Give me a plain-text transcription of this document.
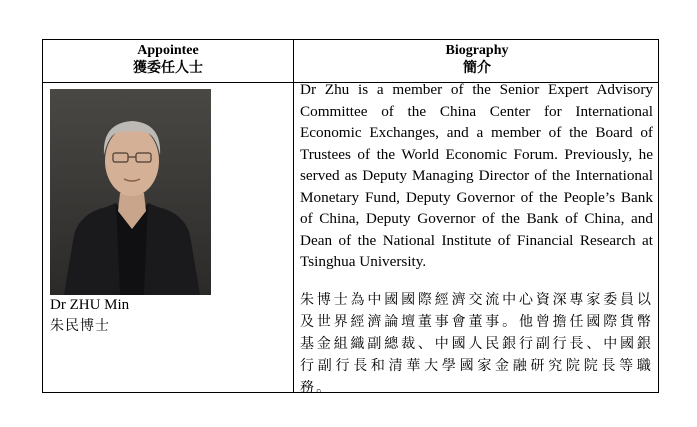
Appointee
獲委任人士
Biography
簡介
Dr ZHU Min
朱民博士
Dr Zhu is a member of the Senior Expert Advisory Committee of the China Center for International Economic Exchanges, and a member of the Board of Trustees of the World Economic Forum. Previously, he served as Deputy Managing Director of the International Monetary Fund, Deputy Governor of the People’s Bank of China, Deputy Governor of the Bank of China, and Dean of the National Institute of Financial Research at Tsinghua University.
朱博士為中國國際經濟交流中心資深專家委員以及世界經濟論壇董事會董事。他曾擔任國際貨幣基金組織副總裁、中國人民銀行副行長、中國銀行副行長和清華大學國家金融研究院院長等職務。
